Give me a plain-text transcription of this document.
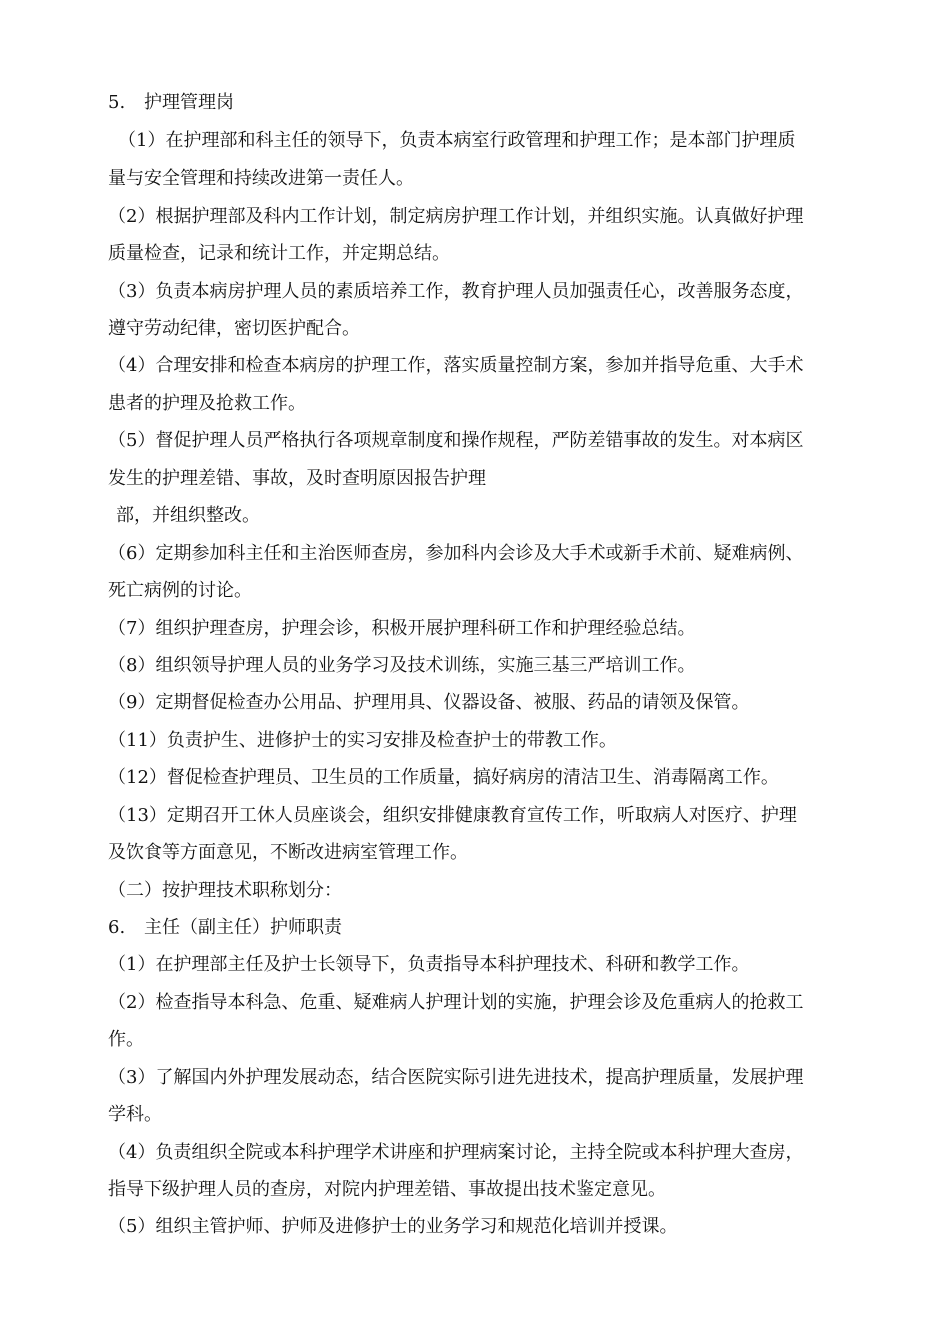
5. 护理管理岗
（1）在护理部和科主任的领导下，负责本病室行政管理和护理工作；是本部门护理质
量与安全管理和持续改进第一责任人。
（2）根据护理部及科内工作计划，制定病房护理工作计划，并组织实施。认真做好护理
质量检查，记录和统计工作，并定期总结。
（3）负责本病房护理人员的素质培养工作，教育护理人员加强责任心，改善服务态度，
遵守劳动纪律，密切医护配合。
（4）合理安排和检查本病房的护理工作，落实质量控制方案，参加并指导危重、大手术
患者的护理及抢救工作。
（5）督促护理人员严格执行各项规章制度和操作规程，严防差错事故的发生。对本病区
发生的护理差错、事故，及时查明原因报告护理
部，并组织整改。
（6）定期参加科主任和主治医师查房，参加科内会诊及大手术或新手术前、疑难病例、
死亡病例的讨论。
（7）组织护理查房，护理会诊，积极开展护理科研工作和护理经验总结。
（8）组织领导护理人员的业务学习及技术训练，实施三基三严培训工作。
（9）定期督促检查办公用品、护理用具、仪器设备、被服、药品的请领及保管。
（11）负责护生、进修护士的实习安排及检查护士的带教工作。
（12）督促检查护理员、卫生员的工作质量，搞好病房的清洁卫生、消毒隔离工作。
（13）定期召开工休人员座谈会，组织安排健康教育宣传工作，听取病人对医疗、护理
及饮食等方面意见，不断改进病室管理工作。
（二）按护理技术职称划分：
6. 主任（副主任）护师职责
（1）在护理部主任及护士长领导下，负责指导本科护理技术、科研和教学工作。
（2）检查指导本科急、危重、疑难病人护理计划的实施，护理会诊及危重病人的抢救工
作。
（3）了解国内外护理发展动态，结合医院实际引进先进技术，提高护理质量，发展护理
学科。
（4）负责组织全院或本科护理学术讲座和护理病案讨论，主持全院或本科护理大查房，
指导下级护理人员的查房，对院内护理差错、事故提出技术鉴定意见。
（5）组织主管护师、护师及进修护士的业务学习和规范化培训并授课。
